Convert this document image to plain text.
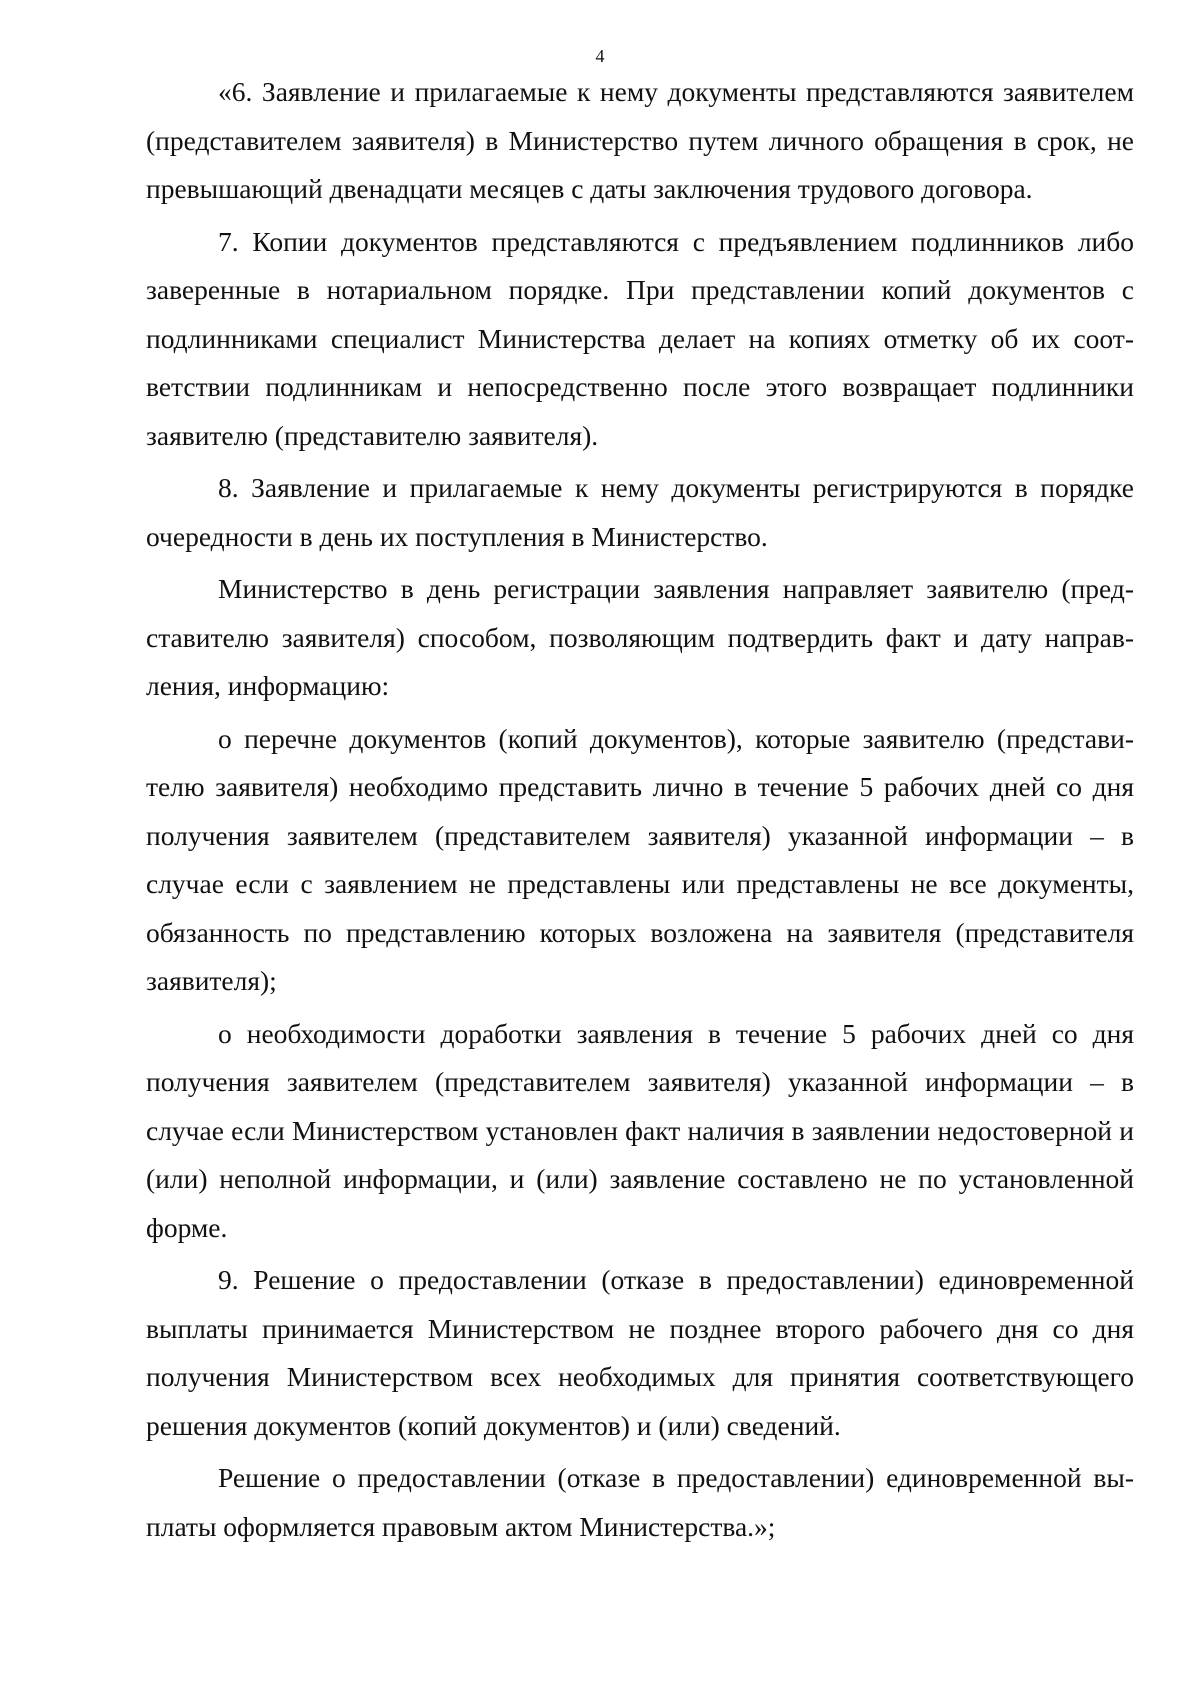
4

«6. Заявление и прилагаемые к нему документы представляются заявителем (представителем заявителя) в Министерство путем личного обращения в срок, не превышающий двенадцати месяцев с даты заключения трудового договора.

7. Копии документов представляются с предъявлением подлинников либо заверенные в нотариальном порядке. При представлении копий документов с подлинниками специалист Министерства делает на копиях отметку об их соответствии подлинникам и непосредственно после этого возвращает подлинники заявителю (представителю заявителя).

8. Заявление и прилагаемые к нему документы регистрируются в порядке очередности в день их поступления в Министерство.

Министерство в день регистрации заявления направляет заявителю (представителю заявителя) способом, позволяющим подтвердить факт и дату направления, информацию:

о перечне документов (копий документов), которые заявителю (представителю заявителя) необходимо представить лично в течение 5 рабочих дней со дня получения заявителем (представителем заявителя) указанной информации – в случае если с заявлением не представлены или представлены не все документы, обязанность по представлению которых возложена на заявителя (представителя заявителя);

о необходимости доработки заявления в течение 5 рабочих дней со дня получения заявителем (представителем заявителя) указанной информации – в случае если Министерством установлен факт наличия в заявлении недостоверной и (или) неполной информации, и (или) заявление составлено не по установленной форме.

9. Решение о предоставлении (отказе в предоставлении) единовременной выплаты принимается Министерством не позднее второго рабочего дня со дня получения Министерством всех необходимых для принятия соответствующего решения документов (копий документов) и (или) сведений.

Решение о предоставлении (отказе в предоставлении) единовременной выплаты оформляется правовым актом Министерства.»;
